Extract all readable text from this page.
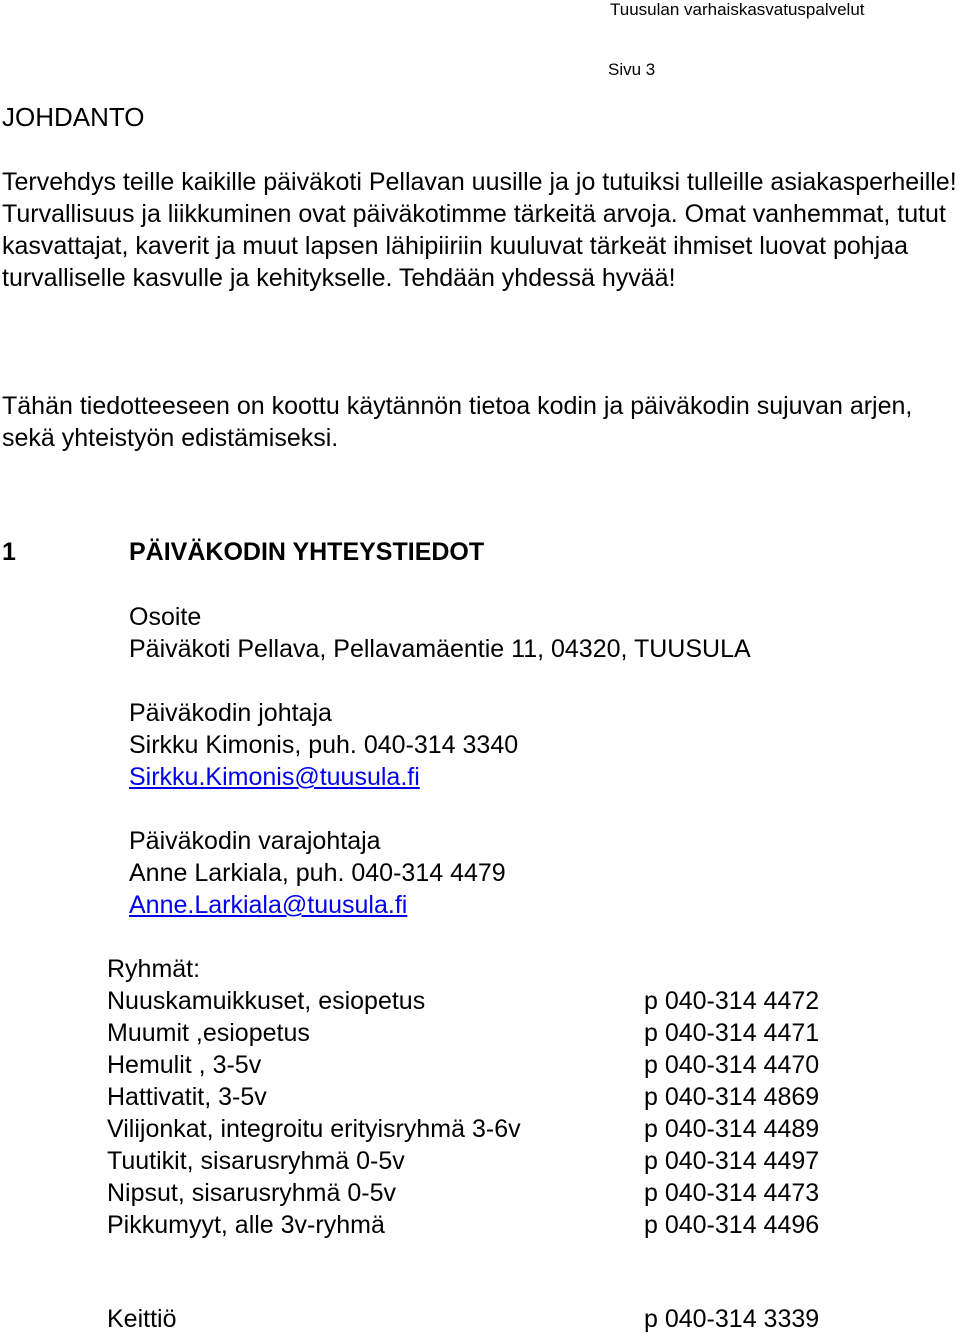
Tuusulan varhaiskasvatuspalvelut
Sivu 3
JOHDANTO
Tervehdys teille kaikille päiväkoti Pellavan uusille ja jo tutuiksi tulleille asiakasperheille! Turvallisuus ja liikkuminen ovat päiväkotimme tärkeitä arvoja. Omat vanhemmat, tutut kasvattajat, kaverit ja muut lapsen lähipiiriin kuuluvat tärkeät ihmiset luovat pohjaa turvalliselle kasvulle ja kehitykselle. Tehdään yhdessä hyvää!
Tähän tiedotteeseen on koottu käytännön tietoa kodin ja päiväkodin sujuvan arjen, sekä yhteistyön edistämiseksi.
1	PÄIVÄKODIN YHTEYSTIEDOT
Osoite
Päiväkoti Pellava, Pellavamäentie 11, 04320, TUUSULA
Päiväkodin johtaja
Sirkku Kimonis, puh. 040-314 3340
Sirkku.Kimonis@tuusula.fi
Päiväkodin varajohtaja
Anne Larkiala, puh. 040-314 4479
Anne.Larkiala@tuusula.fi
Ryhmät:
Nuuskamuikkuset, esiopetus	p 040-314 4472
Muumit ,esiopetus	p 040-314 4471
Hemulit , 3-5v	p 040-314 4470
Hattivatit, 3-5v	p 040-314 4869
Vilijonkat, integroitu erityisryhmä 3-6v	p 040-314 4489
Tuutikit, sisarusryhmä 0-5v	p 040-314 4497
Nipsut, sisarusryhmä 0-5v	p 040-314 4473
Pikkumyyt, alle 3v-ryhmä	p 040-314 4496
Keittiö	p 040-314 3339
